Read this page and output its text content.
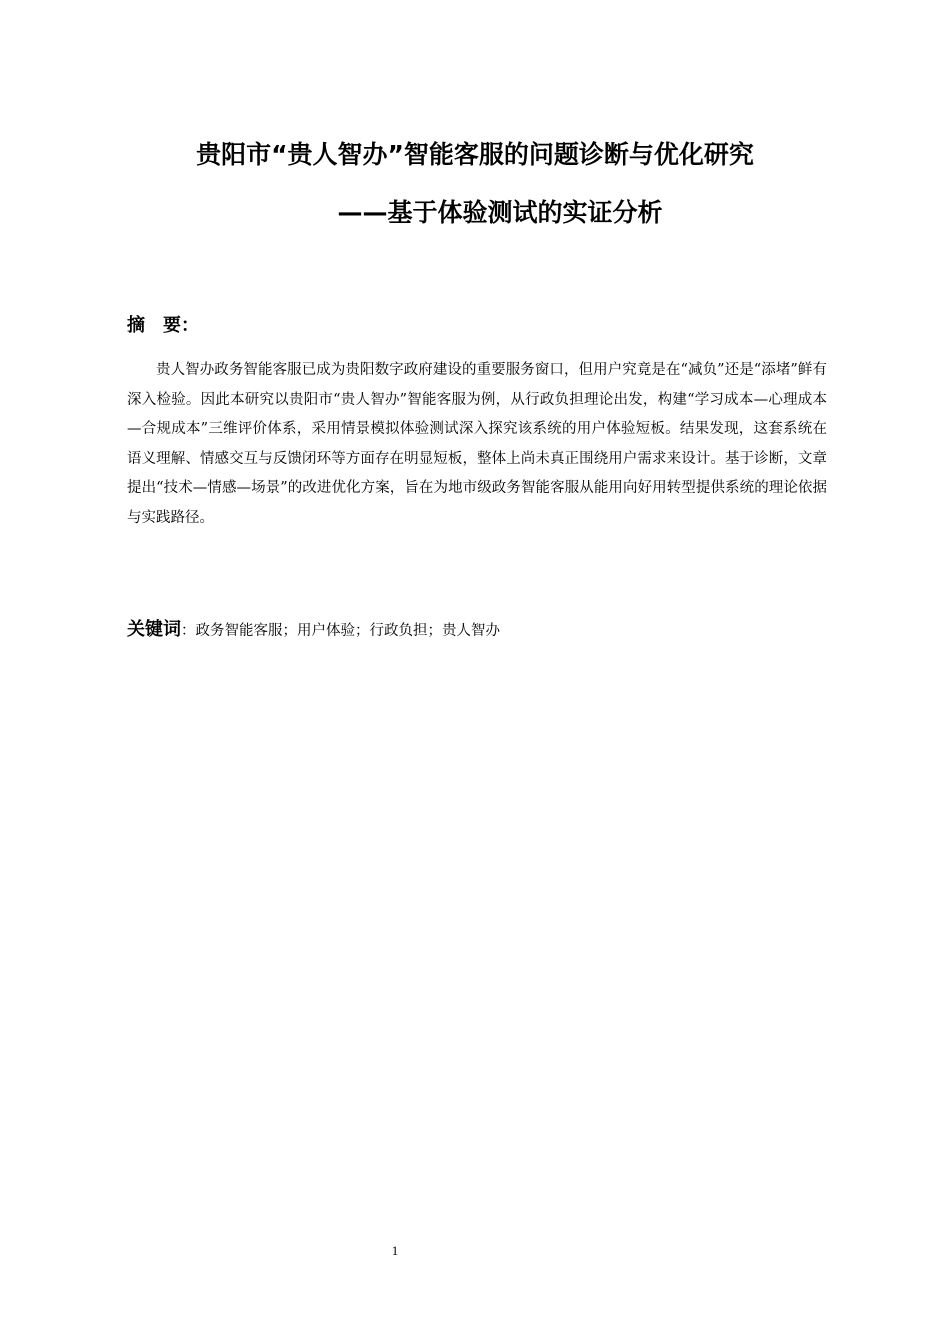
贵阳市“贵人智办”智能客服的问题诊断与优化研究
——基于体验测试的实证分析
摘　要：

贵人智办政务智能客服已成为贵阳数字政府建设的重要服务窗口，但用户究竟是在“减负”还是“添堵”鲜有深入检验。因此本研究以贵阳市“贵人智办”智能客服为例，从行政负担理论出发，构建“学习成本—心理成本—合规成本”三维评价体系，采用情景模拟体验测试深入探究该系统的用户体验短板。结果发现，这套系统在语义理解、情感交互与反馈闭环等方面存在明显短板，整体上尚未真正围绕用户需求来设计。基于诊断，文章提出“技术—情感—场景”的改进优化方案，旨在为地市级政务智能客服从能用向好用转型提供系统的理论依据与实践路径。

关键词：政务智能客服；用户体验；行政负担；贵人智办
1
